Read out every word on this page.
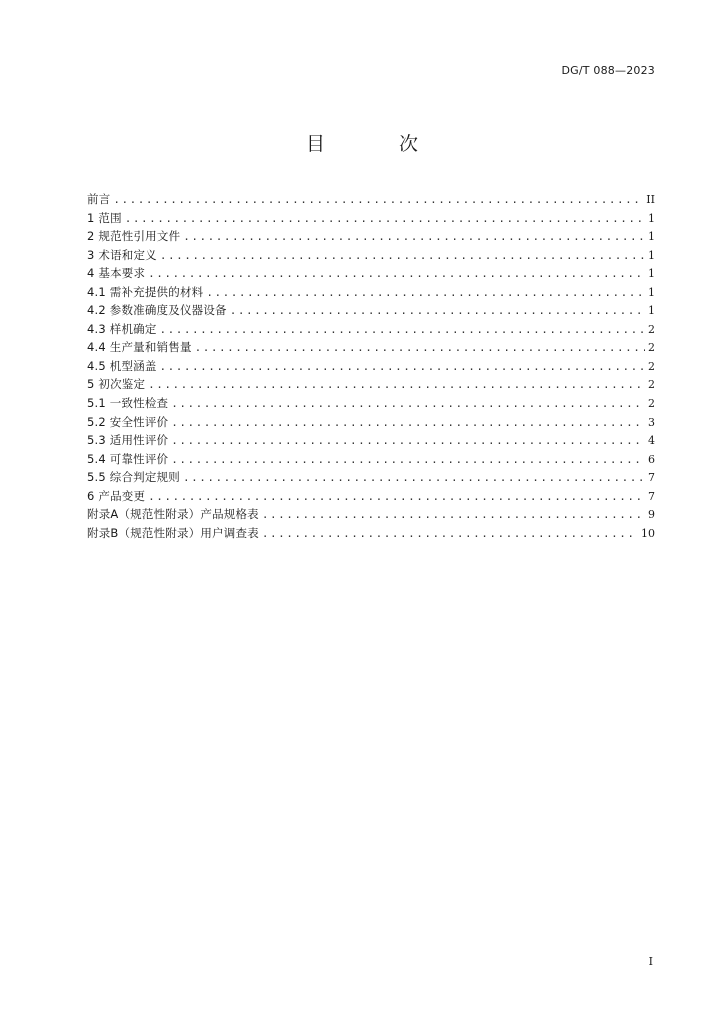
DG/T 088—2023
目 次
前言 .....	II
1 范围 .....	1
2 规范性引用文件 .....	1
3 术语和定义 .....	1
4 基本要求 .....	1
4.1 需补充提供的材料 .....	1
4.2 参数准确度及仪器设备 .....	1
4.3 样机确定 .....	2
4.4 生产量和销售量 .....	2
4.5 机型涵盖 .....	2
5 初次鉴定 .....	2
5.1 一致性检查 .....	2
5.2 安全性评价 .....	3
5.3 适用性评价 .....	4
5.4 可靠性评价 .....	6
5.5 综合判定规则 .....	7
6 产品变更 .....	7
附录A（规范性附录）产品规格表 .....	9
附录B（规范性附录）用户调查表 .....	10
I
